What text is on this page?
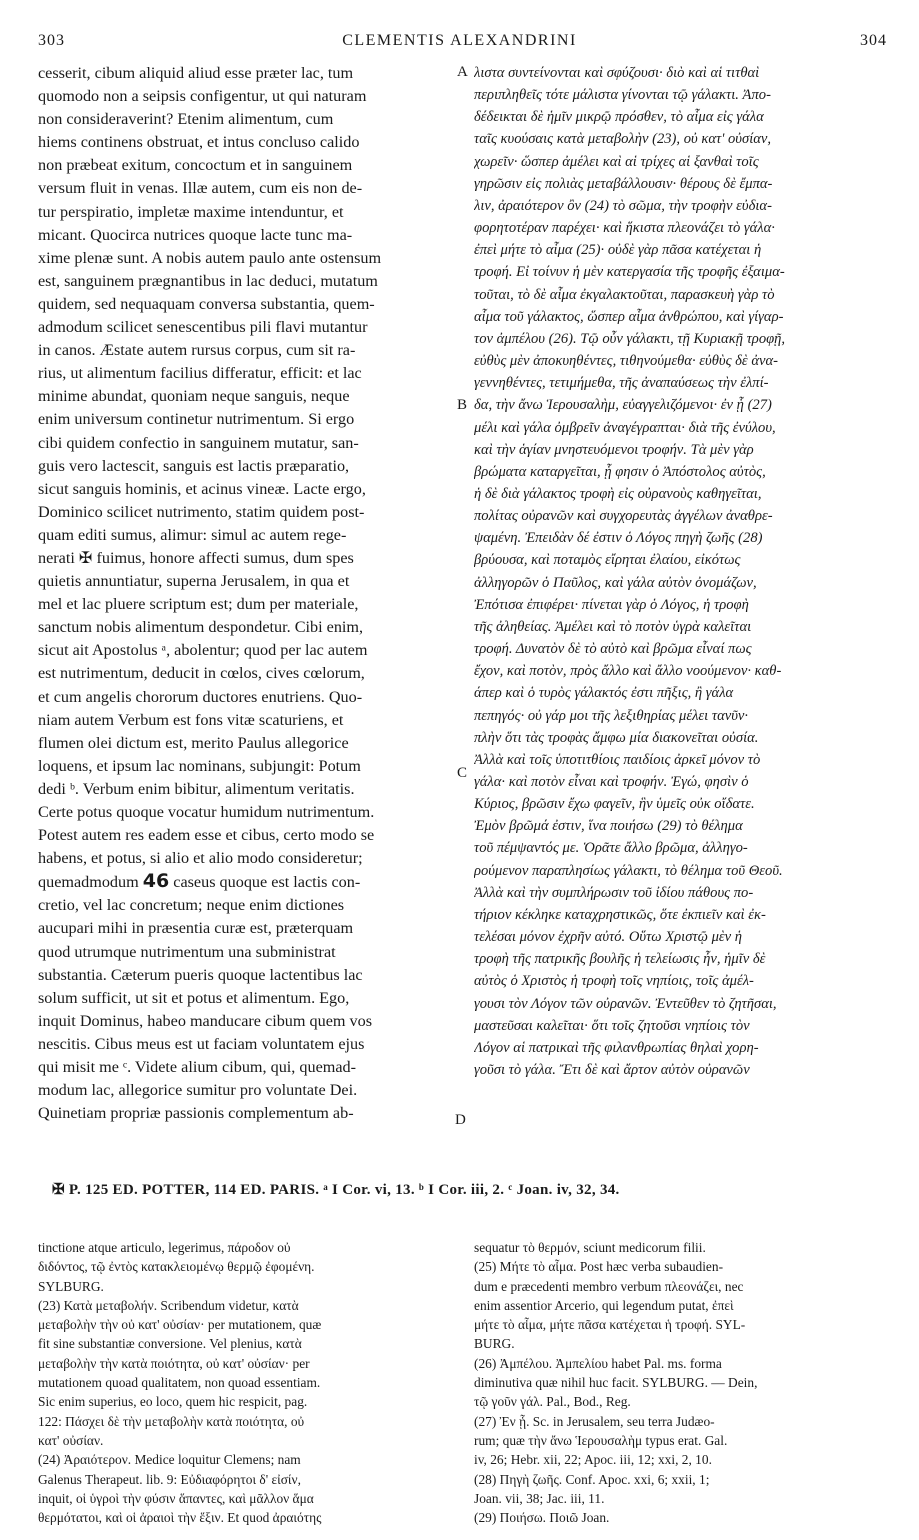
CLEMENTIS ALEXANDRINI
303	304
cesserit, cibum aliquid aliud esse præter lac, tum
quomodo non a seipsis configentur, ut qui naturam
non consideraverint? Etenim alimentum, cum
hiems continens obstruat, et intus concluso calido
non præbeat exitum, concoctum et in sanguinem
versum fluit in venas. Illæ autem, cum eis non de-
tur perspiratio, impletæ maxime intenduntur, et
micant. Quocirca nutrices quoque lacte tunc ma-
xime plenæ sunt. A nobis autem paulo ante ostensum
est, sanguinem prægnantibus in lac deduci, mutatum
quidem, sed nequaquam conversa substantia, quem-
admodum scilicet senescentibus pili flavi mutantur
in canos. Æstate autem rursus corpus, cum sit ra-
rius, ut alimentum facilius differatur, efficit: et lac
minime abundat, quoniam neque sanguis, neque
enim universum continetur nutrimentum. Si ergo
cibi quidem confectio in sanguinem mutatur, san-
guis vero lactescit, sanguis est lactis præparatio,
sicut sanguis hominis, et acinus vineæ. Lacte ergo,
Dominico scilicet nutrimento, statim quidem post-
quam editi sumus, alimur: simul ac autem rege-
nerati ✠ fuimus, honore affecti sumus, dum spes
quietis annuntiatur, superna Jerusalem, in qua et
mel et lac pluere scriptum est; dum per materiale,
sanctum nobis alimentum despondetur. Cibi enim,
sicut ait Apostolus ᵃ, abolentur; quod per lac autem
est nutrimentum, deducit in cœlos, cives cœlorum,
et cum angelis chororum ductores enutriens. Quo-
niam autem Verbum est fons vitæ scaturiens, et
flumen olei dictum est, merito Paulus allegorice
loquens, et ipsum lac nominans, subjungit: Potum
dedi ᵇ. Verbum enim bibitur, alimentum veritatis.
Certe potus quoque vocatur humidum nutrimentum.
Potest autem res eadem esse et cibus, certo modo se
habens, et potus, si alio et alio modo consideretur;
quemadmodum 46 caseus quoque est lactis con-
cretio, vel lac concretum; neque enim dictiones
aucupari mihi in præsentia curæ est, præterquam
quod utrumque nutrimentum una subministrat
substantia. Cæterum pueris quoque lactentibus lac
solum sufficit, ut sit et potus et alimentum. Ego,
inquit Dominus, habeo manducare cibum quem vos
nescitis. Cibus meus est ut faciam voluntatem ejus
qui misit me ᶜ. Videte alium cibum, qui, quemad-
modum lac, allegorice sumitur pro voluntate Dei.
Quinetiam propriæ passionis complementum ab-
λιστα συντείνονται καὶ σφύζουσι· διὸ καὶ αἱ τιτθαὶ
περιπληθεῖς τότε μάλιστα γίνονται τῷ γάλακτι. Ἀπο-
δέδεικται δὲ ἡμῖν μικρῷ πρόσθεν, τὸ αἷμα εἰς γάλα
ταῖς κυούσαις κατὰ μεταβολὴν (23), οὐ κατ' οὐσίαν,
χωρεῖν· ὥσπερ ἀμέλει καὶ αἱ τρίχες αἱ ξανθαὶ τοῖς
γηρῶσιν εἰς πολιὰς μεταβάλλουσιν· θέρους δὲ ἔμπα-
λιν, ἀραιότερον ὂν (24) τὸ σῶμα, τὴν τροφὴν εὐδια-
φορητοτέραν παρέχει· καὶ ἥκιστα πλεονάζει τὸ γάλα·
ἐπεὶ μήτε τὸ αἷμα (25)· οὐδὲ γὰρ πᾶσα κατέχεται ἡ
τροφή. Εἰ τοίνυν ἡ μὲν κατεργασία τῆς τροφῆς ἐξαιμα-
τοῦται, τὸ δὲ αἷμα ἐκγαλακτοῦται, παρασκευὴ γὰρ τὸ
αἷμα τοῦ γάλακτος, ὥσπερ αἷμα ἀνθρώπου, καὶ γίγαρ-
τον ἀμπέλου (26). Τῷ οὖν γάλακτι, τῇ Κυριακῇ τροφῇ,
εὐθὺς μὲν ἀποκυηθέντες, τιθηνούμεθα· εὐθὺς δὲ ἀνα-
γεννηθέντες, τετιμήμεθα, τῆς ἀναπαύσεως τὴν ἐλπί-
δα, τὴν ἄνω Ἱερουσαλὴμ, εὐαγγελιζόμενοι· ἐν ᾗ (27)
μέλι καὶ γάλα ὀμβρεῖν ἀναγέγραπται· διὰ τῆς ἐνύλου,
καὶ τὴν ἁγίαν μνηστευόμενοι τροφήν. Τὰ μὲν γὰρ
βρώματα καταργεῖται, ᾗ φησιν ὁ Ἀπόστολος αὐτὸς,
ἡ δὲ διὰ γάλακτος τροφὴ εἰς οὐρανοὺς καθηγεῖται,
πολίτας οὐρανῶν καὶ συγχορευτὰς ἀγγέλων ἀναθρε-
ψαμένη. Ἐπειδὰν δέ ἐστιν ὁ Λόγος πηγὴ ζωῆς (28)
βρύουσα, καὶ ποταμὸς εἴρηται ἐλαίου, εἰκότως
ἀλληγορῶν ὁ Παῦλος, καὶ γάλα αὐτὸν ὀνομάζων,
Ἐπότισα ἐπιφέρει· πίνεται γὰρ ὁ Λόγος, ἡ τροφὴ
τῆς ἀληθείας. Ἀμέλει καὶ τὸ ποτὸν ὑγρὰ καλεῖται
τροφή. Δυνατὸν δὲ τὸ αὐτὸ καὶ βρῶμα εἶναί πως
ἔχον, καὶ ποτὸν, πρὸς ἄλλο καὶ ἄλλο νοούμενον· καθ-
άπερ καὶ ὁ τυρὸς γάλακτός ἐστι πῆξις, ἢ γάλα
πεπηγός· οὐ γάρ μοι τῆς λεξιθηρίας μέλει τανῦν·
πλὴν ὅτι τὰς τροφὰς ἄμφω μία διακονεῖται οὐσία.
Ἀλλὰ καὶ τοῖς ὑποτιτθίοις παιδίοις ἀρκεῖ μόνον τὸ
γάλα· καὶ ποτὸν εἶναι καὶ τροφήν. Ἐγώ, φησὶν ὁ
Κύριος, βρῶσιν ἔχω φαγεῖν, ἣν ὑμεῖς οὐκ οἴδατε.
Ἐμὸν βρῶμά ἐστιν, ἵνα ποιήσω (29) τὸ θέλημα
τοῦ πέμψαντός με. Ὁρᾶτε ἄλλο βρῶμα, ἀλληγο-
ρούμενον παραπλησίως γάλακτι, τὸ θέλημα τοῦ Θεοῦ.
Ἀλλὰ καὶ τὴν συμπλήρωσιν τοῦ ἰδίου πάθους πο-
τήριον κέκληκε καταχρηστικῶς, ὅτε ἐκπιεῖν καὶ ἐκ-
τελέσαι μόνον ἐχρῆν αὐτό. Οὕτω Χριστῷ μὲν ἡ
τροφὴ τῆς πατρικῆς βουλῆς ἡ τελείωσις ἦν, ἡμῖν δὲ
αὐτὸς ὁ Χριστὸς ἡ τροφὴ τοῖς νηπίοις, τοῖς ἀμέλ-
γουσι τὸν Λόγον τῶν οὐρανῶν. Ἐντεῦθεν τὸ ζητῆσαι,
μαστεῦσαι καλεῖται· ὅτι τοῖς ζητοῦσι νηπίοις τὸν
Λόγον αἱ πατρικαὶ τῆς φιλανθρωπίας θηλαὶ χορη-
γοῦσι τὸ γάλα. Ἔτι δὲ καὶ ἄρτον αὐτὸν οὐρανῶν
A
B
C
D
✠ P. 125 ED. POTTER, 114 ED. PARIS. ᵃ I Cor. vi, 13. ᵇ I Cor. iii, 2. ᶜ Joan. iv, 32, 34.
tinctione atque articulo, legerimus, πάροδον οὐ
διδόντος, τῷ ἐντὸς κατακλειομένῳ θερμῷ ἐφομένη.
SYLBURG.
(23) Κατὰ μεταβολήν. Scribendum videtur, κατὰ
μεταβολὴν τὴν οὐ κατ' οὐσίαν· per mutationem, quæ
fit sine substantiæ conversione. Vel plenius, κατὰ
μεταβολὴν τὴν κατὰ ποιότητα, οὐ κατ' οὐσίαν· per
mutationem quoad qualitatem, non quoad essentiam.
Sic enim superius, eo loco, quem hic respicit, pag.
122: Πάσχει δὲ τὴν μεταβολὴν κατὰ ποιότητα, οὐ
κατ' οὐσίαν.
(24) Ἀραιότερον. Medice loquitur Clemens; nam
Galenus Therapeut. lib. 9: Εὐδιαφόρητοι δ' εἰσίν,
inquit, οἱ ὑγροὶ τὴν φύσιν ἅπαντες, καὶ μᾶλλον ἅμα
θερμότατοι, καὶ οἱ ἀραιοὶ τὴν ἕξιν. Et quod ἀραιότης
sequatur τὸ θερμόν, sciunt medicorum filii.
(25) Μήτε τὸ αἷμα. Post hæc verba subaudien-
dum e præcedenti membro verbum πλεονάζει, nec
enim assentior Arcerio, qui legendum putat, ἐπεὶ
μήτε τὸ αἷμα, μήτε πᾶσα κατέχεται ἡ τροφή. SYL-
BURG.
(26) Ἀμπέλου. Ἀμπελίου habet Pal. ms. forma
diminutiva quæ nihil huc facit. SYLBURG. — Dein,
τῷ γοῦν γάλ. Pal., Bod., Reg.
(27) Ἐν ᾗ. Sc. in Jerusalem, seu terra Judæo-
rum; quæ τὴν ἄνω Ἱερουσαλὴμ typus erat. Gal.
iv, 26; Hebr. xii, 22; Apoc. iii, 12; xxi, 2, 10.
(28) Πηγὴ ζωῆς. Conf. Apoc. xxi, 6; xxii, 1;
Joan. vii, 38; Jac. iii, 11.
(29) Ποιήσω. Ποιῶ Joan.
